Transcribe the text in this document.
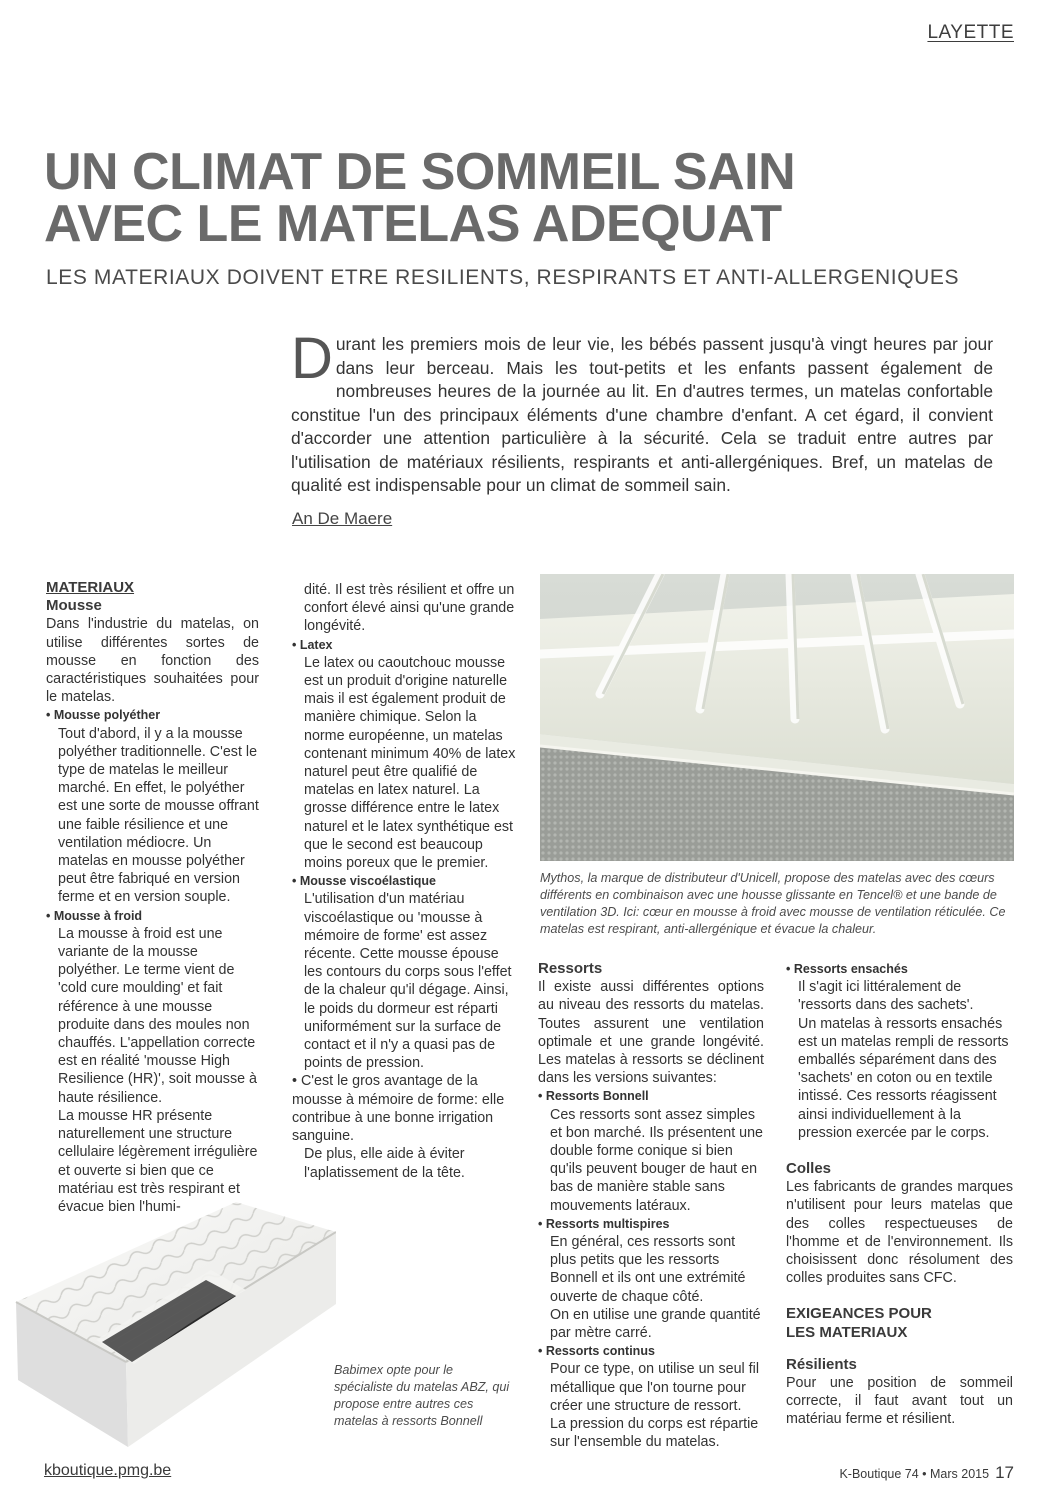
LAYETTE
UN CLIMAT DE SOMMEIL SAIN
AVEC LE MATELAS ADEQUAT
LES MATERIAUX DOIVENT ETRE RESILIENTS, RESPIRANTS ET ANTI-ALLERGENIQUES
Durant les premiers mois de leur vie, les bébés passent jusqu'à vingt heures par jour dans leur berceau. Mais les tout-petits et les enfants passent également de nombreuses heures de la journée au lit. En d'autres termes, un matelas confortable constitue l'un des principaux éléments d'une chambre d'enfant. A cet égard, il convient d'accorder une attention particulière à la sécurité. Cela se traduit entre autres par l'utilisation de matériaux résilients, respirants et anti-allergéniques. Bref, un matelas de qualité est indispensable pour un climat de sommeil sain.
An De Maere

MATERIAUX

Mousse

Dans l'industrie du matelas, on utilise différentes sortes de mousse en fonction des caractéristiques souhaitées pour le matelas.

• Mousse polyéther

Tout d'abord, il y a la mousse polyéther traditionnelle. C'est le type de matelas le meilleur marché. En effet, le polyéther est une sorte de mousse offrant une faible résilience et une ventilation médiocre. Un matelas en mousse polyéther peut être fabriqué en version ferme et en version souple.

• Mousse à froid

La mousse à froid est une variante de la mousse polyéther. Le terme vient de 'cold cure moulding' et fait référence à une mousse produite dans des moules non chauffés. L'appellation correcte est en réalité 'mousse High Resilience (HR)', soit mousse à haute résilience.

La mousse HR présente naturellement une structure cellulaire légèrement irrégulière et ouverte si bien que ce matériau est très respirant et évacue bien l'humi-

dité. Il est très résilient et offre un confort élevé ainsi qu'une grande longévité.

• Latex

Le latex ou caoutchouc mousse est un produit d'origine naturelle mais il est également produit de manière chimique. Selon la norme européenne, un matelas contenant minimum 40% de latex naturel peut être qualifié de matelas en latex naturel. La grosse différence entre le latex naturel et le latex synthétique est que le second est beaucoup moins poreux que le premier.

• Mousse viscoélastique

L'utilisation d'un matériau viscoélastique ou 'mousse à mémoire de forme' est assez récente. Cette mousse épouse les contours du corps sous l'effet de la chaleur qu'il dégage. Ainsi, le poids du dormeur est réparti uniformément sur la surface de contact et il n'y a quasi pas de points de pression.

• C'est le gros avantage de la mousse à mémoire de forme: elle contribue à une bonne irrigation sanguine.

De plus, elle aide à éviter l'aplatissement de la tête.

Mythos, la marque de distributeur d'Unicell, propose des matelas avec des cœurs différents en combinaison avec une housse glissante en Tencel® et une bande de ventilation 3D. Ici: cœur en mousse à froid avec mousse de ventilation réticulée. Ce matelas est respirant, anti-allergénique et évacue la chaleur.
Babimex opte pour le spécialiste du matelas ABZ, qui propose entre autres ces matelas à ressorts Bonnell

Ressorts

Il existe aussi différentes options au niveau des ressorts du matelas. Toutes assurent une ventilation optimale et une grande longévité. Les matelas à ressorts se déclinent dans les versions suivantes:

• Ressorts Bonnell

Ces ressorts sont assez simples et bon marché. Ils présentent une double forme conique si bien qu'ils peuvent bouger de haut en bas de manière stable sans mouvements latéraux.

• Ressorts multispires

En général, ces ressorts sont plus petits que les ressorts Bonnell et ils ont une extrémité ouverte de chaque côté.

On en utilise une grande quantité par mètre carré.

• Ressorts continus

Pour ce type, on utilise un seul fil métallique que l'on tourne pour créer une structure de ressort.

La pression du corps est répartie sur l'ensemble du matelas.

• Ressorts ensachés

Il s'agit ici littéralement de 'ressorts dans des sachets'.

Un matelas à ressorts ensachés est un matelas rempli de ressorts emballés séparément dans des 'sachets' en coton ou en textile intissé. Ces ressorts réagissent ainsi individuellement à la pression exercée par le corps.

Colles

Les fabricants de grandes marques n'utilisent pour leurs matelas que des colles respectueuses de l'homme et de l'environnement. Ils choisissent donc résolument des colles produites sans CFC.

EXIGEANCES POUR

LES MATERIAUX

Résilients

Pour une position de sommeil correcte, il faut avant tout un matériau ferme et résilient.

kboutique.pmg.be	K-Boutique 74 • Mars 2015 17
